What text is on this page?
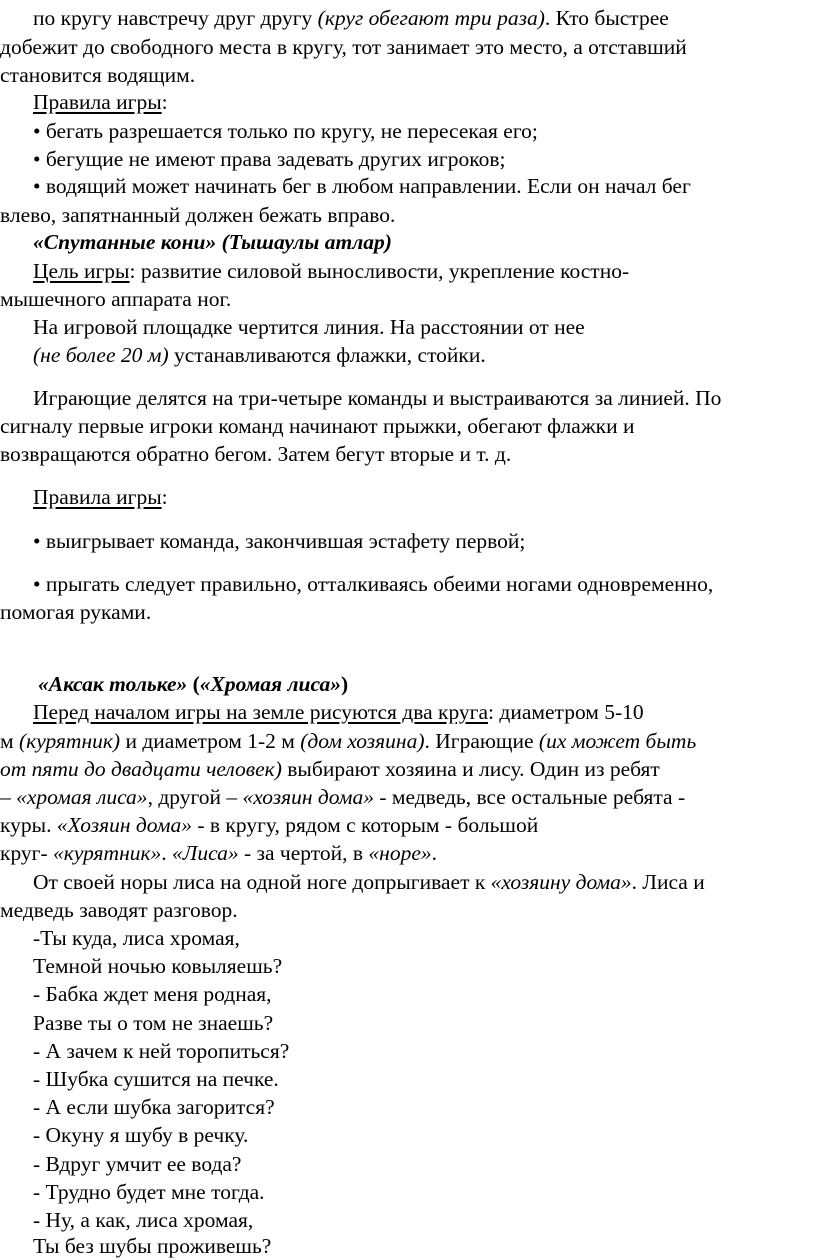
по кругу навстречу друг другу (круг обегают три раза). Кто быстрее
добежит до свободного места в кругу, тот занимает это место, а отставший
становится водящим.
Правила игры:
• бегать разрешается только по кругу, не пересекая его;
• бегущие не имеют права задевать других игроков;
• водящий может начинать бег в любом направлении. Если он начал бег
влево, запятнанный должен бежать вправо.
«Спутанные кони» (Тышаулы атлар)
Цель игры: развитие силовой выносливости, укрепление костно-
мышечного аппарата ног.
На игровой площадке чертится линия. На расстоянии от нее
(не более 20 м) устанавливаются флажки, стойки.
Играющие делятся на три-четыре команды и выстраиваются за линией. По
сигналу первые игроки команд начинают прыжки, обегают флажки и
возвращаются обратно бегом. Затем бегут вторые и т. д.
Правила игры:
• выигрывает команда, закончившая эстафету первой;
• прыгать следует правильно, отталкиваясь обеими ногами одновременно,
помогая руками.
«Аксак тольке» («Хромая лиса»)
Перед началом игры на земле рисуются два круга: диаметром 5-10
м (курятник) и диаметром 1-2 м (дом хозяина). Играющие (их может быть
от пяти до двадцати человек) выбирают хозяина и лису. Один из ребят
– «хромая лиса», другой – «хозяин дома» - медведь, все остальные ребята -
куры. «Хозяин дома» - в кругу, рядом с которым - большой
круг- «курятник». «Лиса» - за чертой, в «норе».
От своей норы лиса на одной ноге допрыгивает к «хозяину дома». Лиса и
медведь заводят разговор.
-Ты куда, лиса хромая,
Темной ночью ковыляешь?
- Бабка ждет меня родная,
Разве ты о том не знаешь?
- А зачем к ней торопиться?
- Шубка сушится на печке.
- А если шубка загорится?
- Окуну я шубу в речку.
- Вдруг умчит ее вода?
- Трудно будет мне тогда.
- Ну, а как, лиса хромая,
Ты без шубы проживешь?
